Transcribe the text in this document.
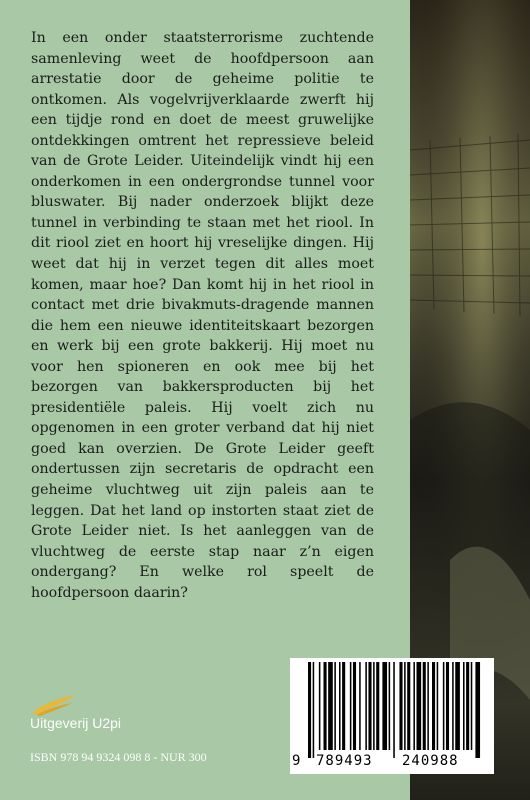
In een onder staatsterrorisme zuchtende samenleving weet de hoofdpersoon aan arrestatie door de geheime politie te ontkomen. Als vogelvrijverklaarde zwerft hij een tijdje rond en doet de meest gruwelijke ontdekkingen omtrent het repressieve beleid van de Grote Leider. Uiteindelijk vindt hij een onderkomen in een ondergrondse tunnel voor bluswater. Bij nader onderzoek blijkt deze tunnel in verbinding te staan met het riool. In dit riool ziet en hoort hij vreselijke dingen. Hij weet dat hij in verzet tegen dit alles moet komen, maar hoe? Dan komt hij in het riool in contact met drie bivakmuts-dragende mannen die hem een nieuwe identiteitskaart bezorgen en werk bij een grote bakkerij. Hij moet nu voor hen spioneren en ook mee bij het bezorgen van bakkersproducten bij het presidentiële paleis. Hij voelt zich nu opgenomen in een groter verband dat hij niet goed kan overzien. De Grote Leider geeft ondertussen zijn secretaris de opdracht een geheime vluchtweg uit zijn paleis aan te leggen. Dat het land op instorten staat ziet de Grote Leider niet. Is het aanleggen van de vluchtweg de eerste stap naar z’n eigen ondergang? En welke rol speelt de hoofdpersoon daarin?

Uitgeverij U2pi
ISBN 978 94 9324 098 8 - NUR 300	9 789493 240988
